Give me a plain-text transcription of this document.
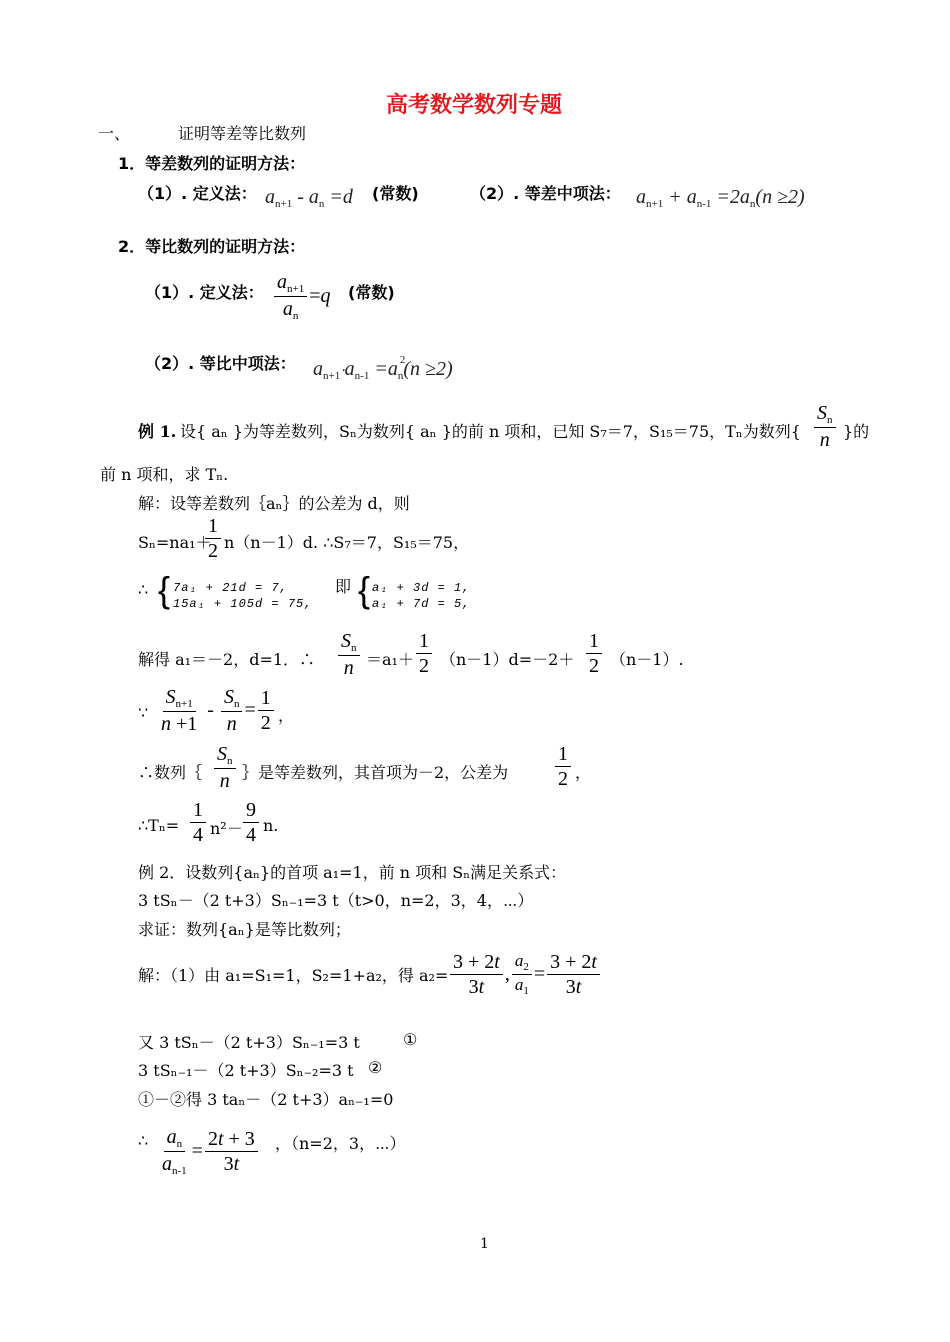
高考数学数列专题
一、	证明等差等比数列
1．等差数列的证明方法：
（1）. 定义法： $a_{n+1} - a_n =d$ (常数)	（2）. 等差中项法： $a_{n+1} + a_{n-1} =2a_n(n \ge 2)$
2．等比数列的证明方法：
（1）. 定义法： $\frac{a_{n+1}}{a_n} =q$ (常数)
（2）. 等比中项法： $a_{n+1}\cdot a_{n-1} =a_{n 2}$
(n ≥2)
例 1. 设{ aₙ }为等差数列，Sₙ为数列{ aₙ }的前 n 项和，已知 S₇＝7，S₁₅＝75，Tₙ为数列{ $\frac{S_n}{n}$ }的
前 n 项和，求 Tₙ.
解：设等差数列｛aₙ｝的公差为 d，则
Sₙ=na₁＋
$\frac{1}{2} n(n-1)d$. ∴S₇＝7，S₁₅＝75，
∴ { 7a₁ + 21d = 7,
15a₁ + 105d = 75,
即 { a₁ + 3d = 1,
a₁ + 7d = 5,
解得 a₁＝－2，d=1．∴ $\frac{S_n}{n} =a_1+ \frac{1}{2} (n-1)d=-2+ \frac{1}{2} (n-1)$.
∵ $\frac{S_{n+1}}{n +1} - \frac{S_n}{n} = \frac{1}{2}$ ，
∴数列｛ $\frac{S_n}{n}$ ｝是等差数列，其首项为－2，公差为 $\frac{1}{2}$ ，
∴Tₙ= $\frac{1}{4} n^2- \frac{9}{4} n$.
例 2．设数列{aₙ}的首项 a₁=1，前 n 项和 Sₙ满足关系式：
3 tSₙ－（2 t+3）Sₙ₋₁=3 t（t>0，n=2，3，4，⋯）
求证：数列{aₙ}是等比数列；
解：（1）由 a₁=S₁=1，S₂=1+a₂，得 $a_2= \frac{3 + 2t}{3t}$ , $\frac{a_2}{a_1} = \frac{3 + 2t}{3t}$
又 3 tSₙ－（2 t+3）Sₙ₋₁=3 t	①
3 tSₙ₋₁－（2 t+3）Sₙ₋₂=3 t ②
①－②得 3 taₙ－（2 t+3）aₙ₋₁=0
∴ $\frac{a_n}{a_{n-1}} = \frac{2t + 3}{3t}$ ，（n=2，3，⋯）
1
